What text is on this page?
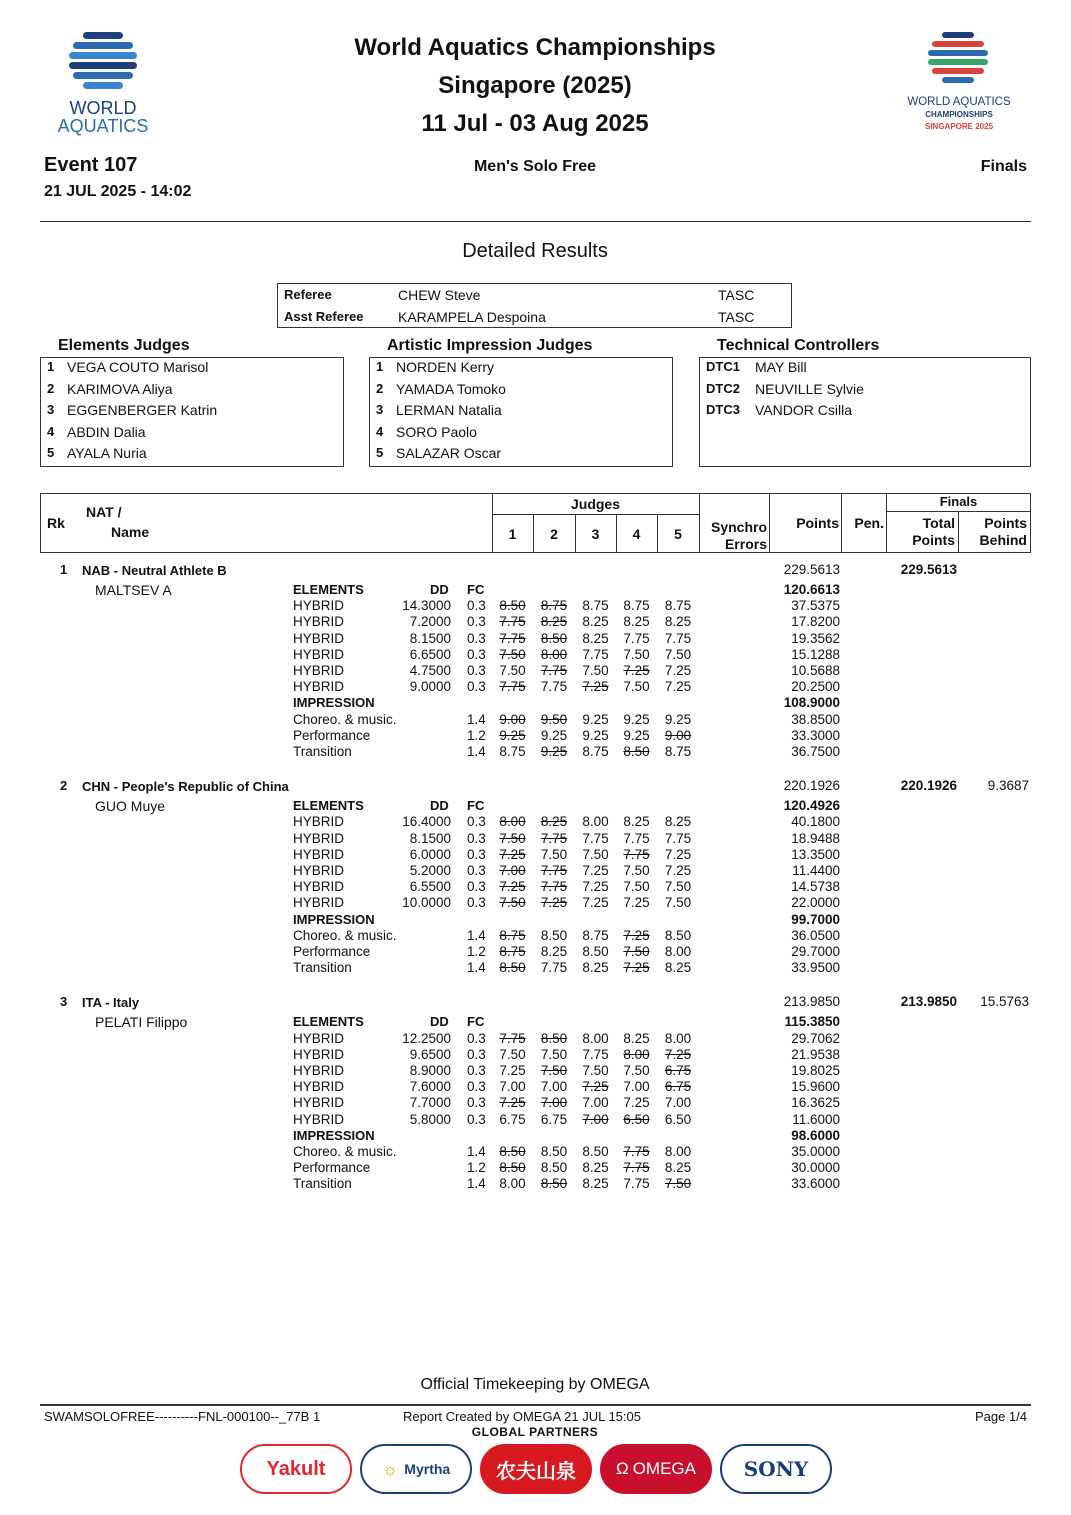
WORLD
AQUATICS
World Aquatics Championships
Singapore (2025)
11 Jul - 03 Aug 2025
WORLD AQUATICS
CHAMPIONSHIPS
SINGAPORE 2025
Event 107
21 JUL 2025 - 14:02
Men's Solo Free	Finals
Detailed Results
Referee	CHEW Steve	TASC
Asst Referee KARAMPELA Despoina	TASC
Elements Judges
1 VEGA COUTO Marisol
2 KARIMOVA Aliya
3 EGGENBERGER Katrin
4 ABDIN Dalia
5 AYALA Nuria
Artistic Impression Judges
1 NORDEN Kerry
2 YAMADA Tomoko
3 LERMAN Natalia
4 SORO Paolo
5 SALAZAR Oscar
Technical Controllers
DTC1 MAY Bill
DTC2 NEUVILLE Sylvie
DTC3 VANDOR Csilla
Rk
NAT /
Name
Judges
1	2	3	4	5	Synchro
Errors
Points	Pen.
Finals
Total
Points
Points
Behind
1 NAB - Neutral Athlete B
MALTSEV A
229.5613	229.5613
ELEMENTS	DD FC	120.6613
HYBRID	14.3000 0.3	8.50	8.75	8.75	8.75	8.75	37.5375
HYBRID	7.2000 0.3	7.75	8.25	8.25	8.25	8.25	17.8200
HYBRID	8.1500 0.3	7.75	8.50	8.25	7.75	7.75	19.3562
HYBRID	6.6500 0.3	7.50	8.00	7.75	7.50	7.50	15.1288
HYBRID	4.7500 0.3	7.50	7.75	7.50	7.25	7.25	10.5688
HYBRID	9.0000 0.3	7.75	7.75	7.25	7.50	7.25	20.2500
IMPRESSION	108.9000
Choreo. & music.	1.4	9.00	9.50	9.25	9.25	9.25	38.8500
Performance	1.2	9.25	9.25	9.25	9.25	9.00	33.3000
Transition	1.4	8.75	9.25	8.75	8.50	8.75	36.7500
2 CHN - People's Republic of China
GUO Muye
220.1926	220.1926	9.3687
ELEMENTS	DD FC	120.4926
HYBRID	16.4000 0.3	8.00	8.25	8.00	8.25	8.25	40.1800
HYBRID	8.1500 0.3	7.50	7.75	7.75	7.75	7.75	18.9488
HYBRID	6.0000 0.3	7.25	7.50	7.50	7.75	7.25	13.3500
HYBRID	5.2000 0.3	7.00	7.75	7.25	7.50	7.25	11.4400
HYBRID	6.5500 0.3	7.25	7.75	7.25	7.50	7.50	14.5738
HYBRID	10.0000 0.3	7.50	7.25	7.25	7.25	7.50	22.0000
IMPRESSION	99.7000
Choreo. & music.	1.4	8.75	8.50	8.75	7.25	8.50	36.0500
Performance	1.2	8.75	8.25	8.50	7.50	8.00	29.7000
Transition	1.4	8.50	7.75	8.25	7.25	8.25	33.9500
3 ITA - Italy
PELATI Filippo
213.9850	213.9850	15.5763
ELEMENTS	DD FC	115.3850
HYBRID	12.2500 0.3	7.75	8.50	8.00	8.25	8.00	29.7062
HYBRID	9.6500 0.3	7.50	7.50	7.75	8.00	7.25	21.9538
HYBRID	8.9000 0.3	7.25	7.50	7.50	7.50	6.75	19.8025
HYBRID	7.6000 0.3	7.00	7.00	7.25	7.00	6.75	15.9600
HYBRID	7.7000 0.3	7.25	7.00	7.00	7.25	7.00	16.3625
HYBRID	5.8000 0.3	6.75	6.75	7.00	6.50	6.50	11.6000
IMPRESSION	98.6000
Choreo. & music.	1.4	8.50	8.50	8.50	7.75	8.00	35.0000
Performance	1.2	8.50	8.50	8.25	7.75	8.25	30.0000
Transition	1.4	8.00	8.50	8.25	7.75	7.50	33.6000
Official Timekeeping by OMEGA
SWAMSOLOFREE----------FNL-000100--_77B 1	Report Created by OMEGA 21 JUL 15:05	Page 1/4
GLOBAL PARTNERS
Yakult	☼ Myrtha 农夫山泉 Ω OMEGA SONY
